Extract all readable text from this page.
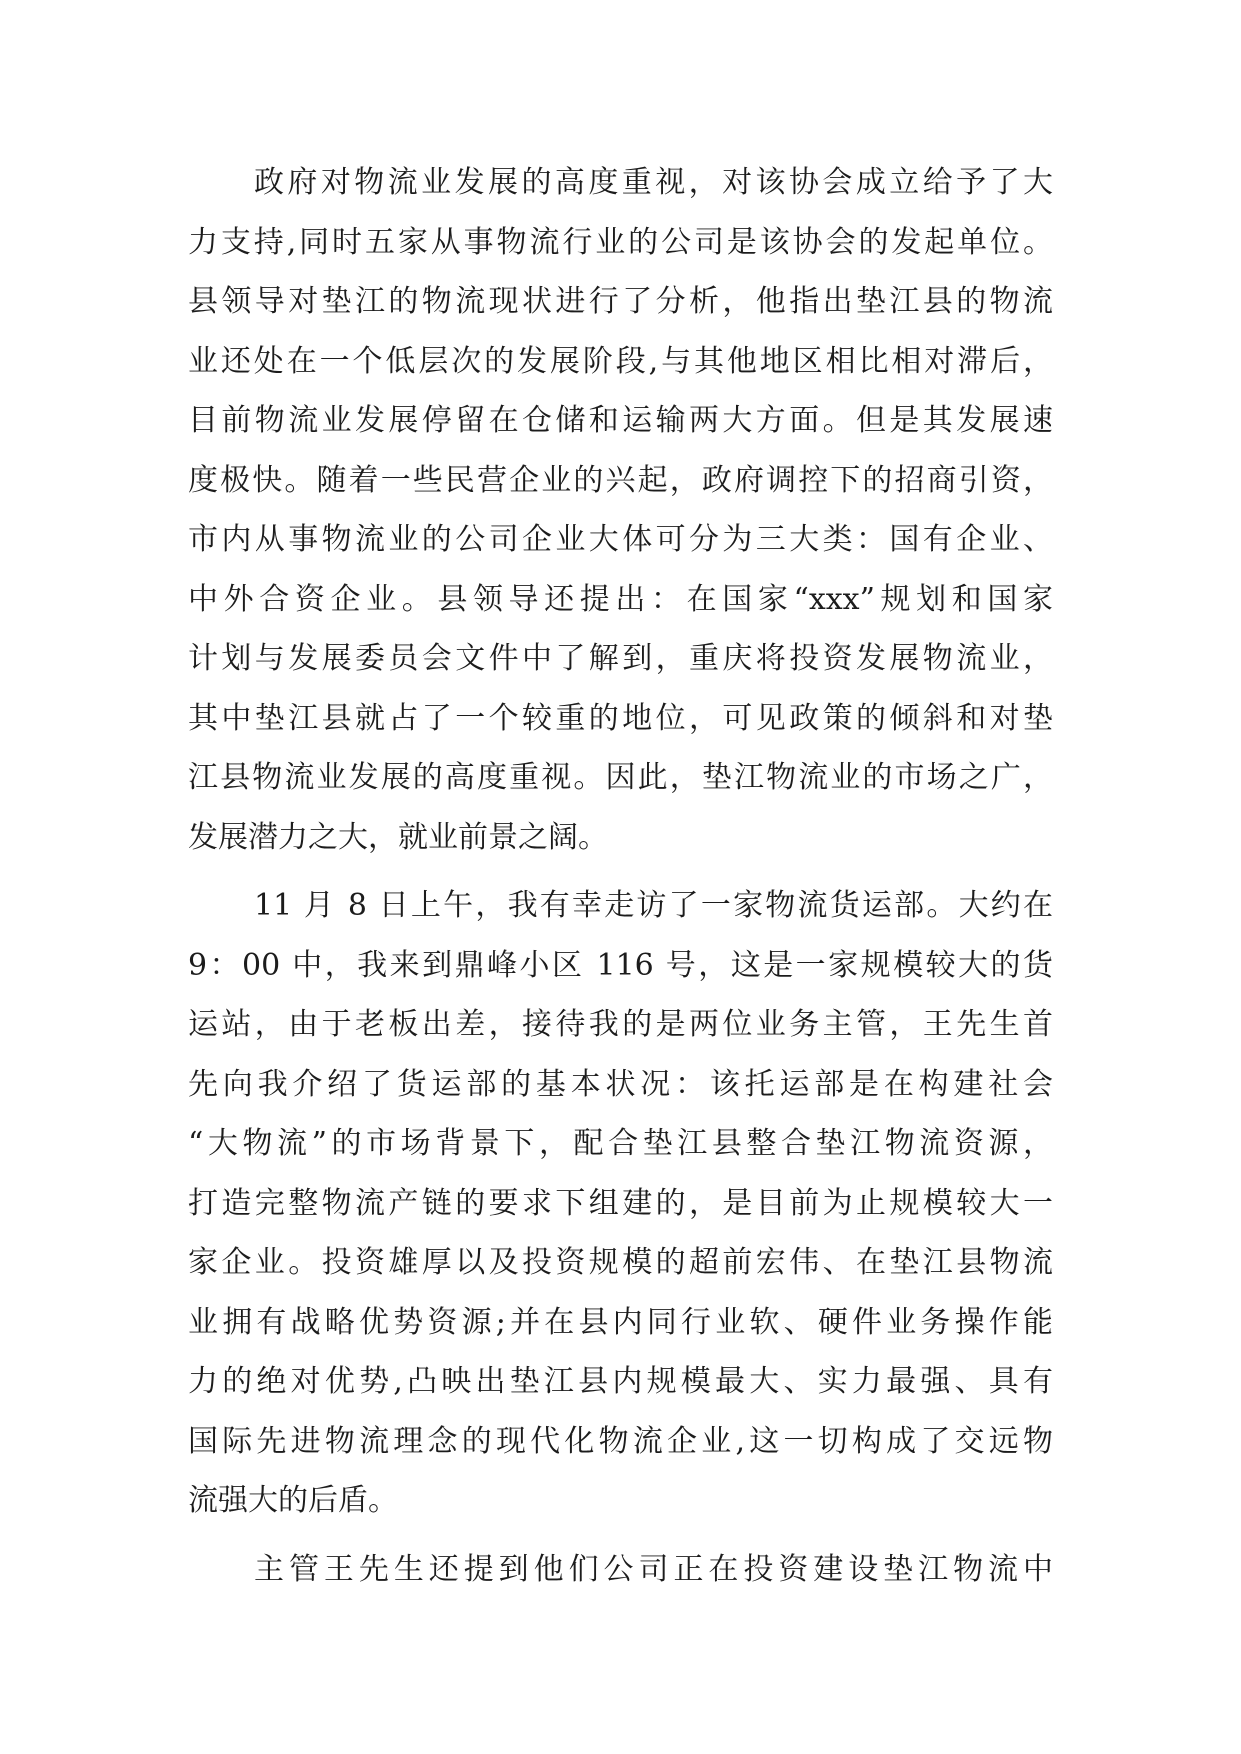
政府对物流业发展的高度重视，对该协会成立给予了大
力支持,同时五家从事物流行业的公司是该协会的发起单位。
县领导对垫江的物流现状进行了分析，他指出垫江县的物流
业还处在一个低层次的发展阶段,与其他地区相比相对滞后，
目前物流业发展停留在仓储和运输两大方面。但是其发展速
度极快。随着一些民营企业的兴起，政府调控下的招商引资，
市内从事物流业的公司企业大体可分为三大类：国有企业、
中外合资企业。县领导还提出：在国家“xxx”规划和国家
计划与发展委员会文件中了解到，重庆将投资发展物流业，
其中垫江县就占了一个较重的地位，可见政策的倾斜和对垫
江县物流业发展的高度重视。因此，垫江物流业的市场之广，
发展潜力之大，就业前景之阔。
11 月 8 日上午，我有幸走访了一家物流货运部。大约在
9：00 中，我来到鼎峰小区 116 号，这是一家规模较大的货
运站，由于老板出差，接待我的是两位业务主管，王先生首
先向我介绍了货运部的基本状况：该托运部是在构建社会
“大物流”的市场背景下，配合垫江县整合垫江物流资源，
打造完整物流产链的要求下组建的，是目前为止规模较大一
家企业。投资雄厚以及投资规模的超前宏伟、在垫江县物流
业拥有战略优势资源;并在县内同行业软、硬件业务操作能
力的绝对优势,凸映出垫江县内规模最大、实力最强、具有
国际先进物流理念的现代化物流企业,这一切构成了交远物
流强大的后盾。
主管王先生还提到他们公司正在投资建设垫江物流中
